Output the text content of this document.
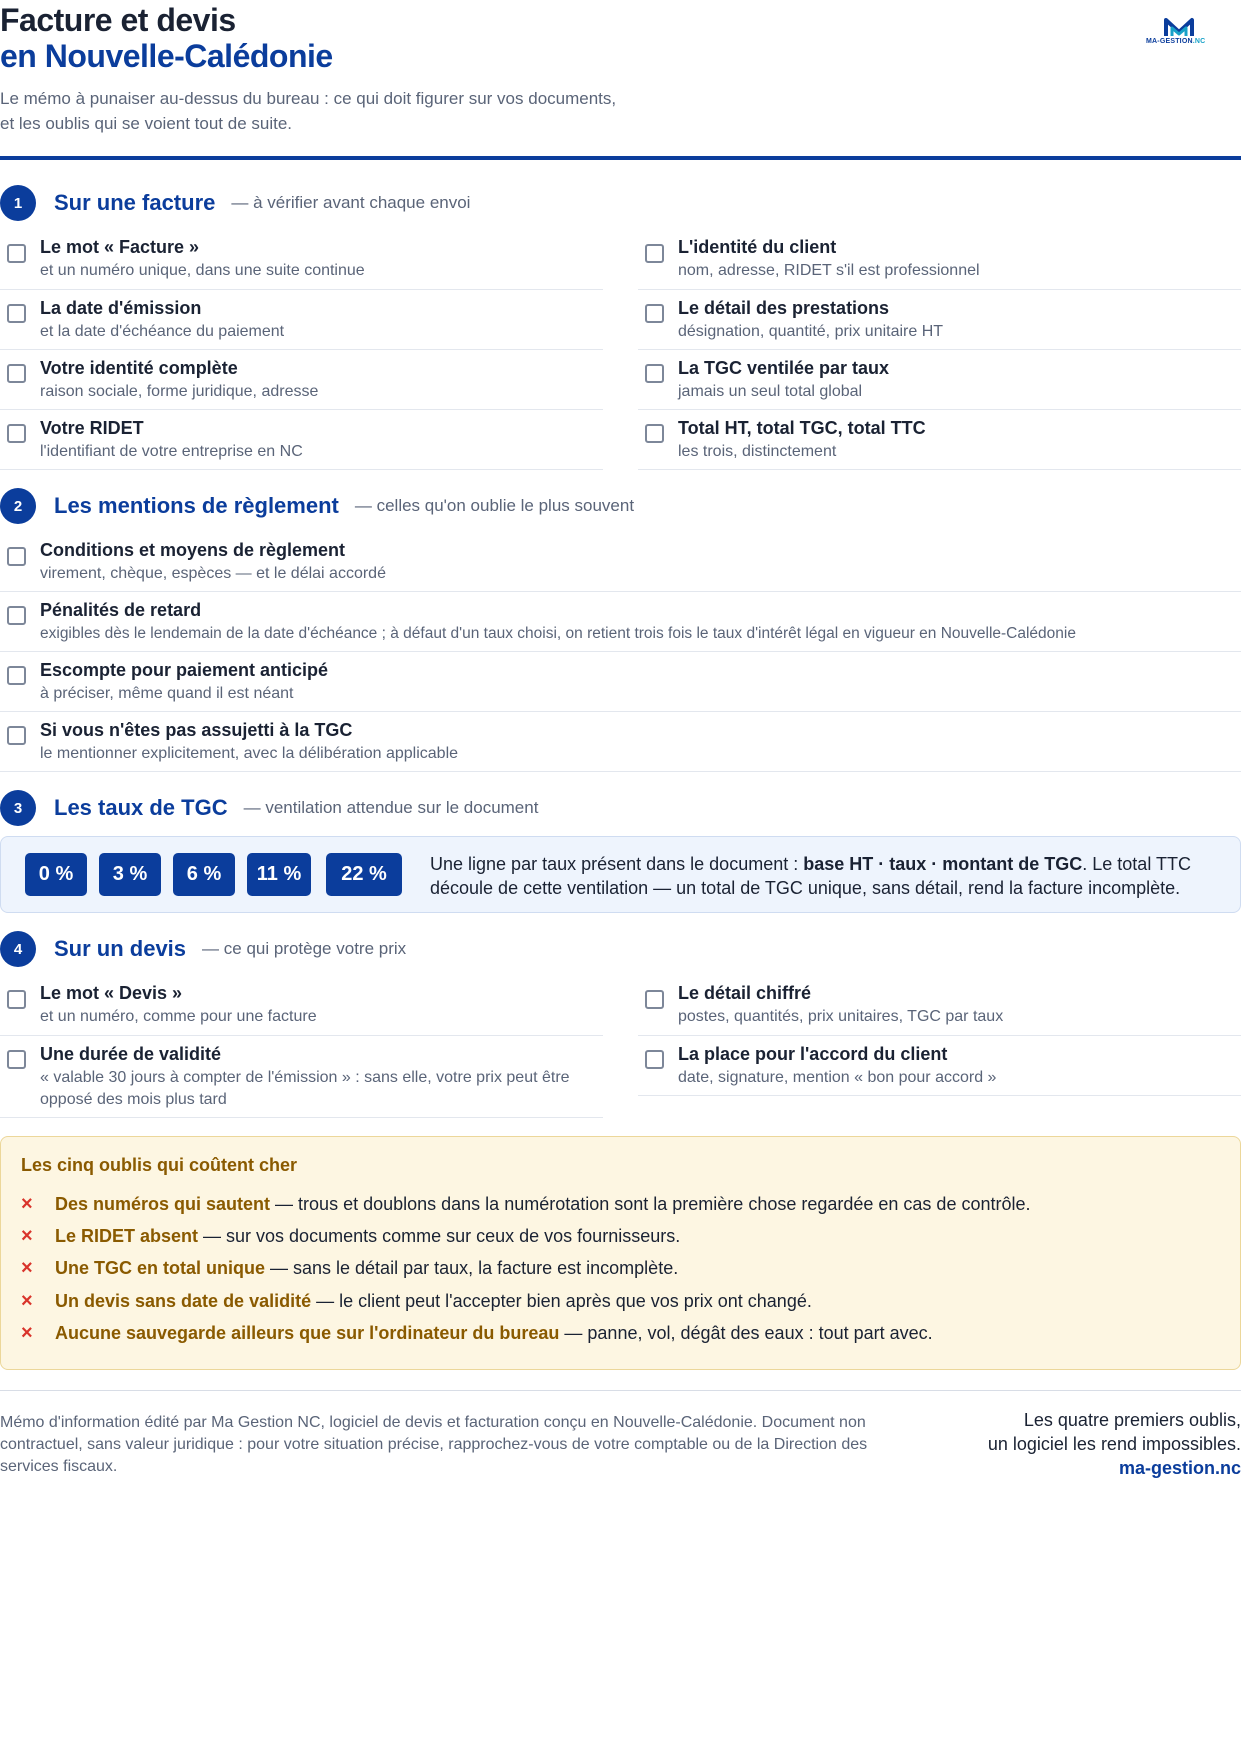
Facture et devis
en Nouvelle-Calédonie
Le mémo à punaiser au-dessus du bureau : ce qui doit figurer sur vos documents, et les oublis qui se voient tout de suite.
MA-GESTION.NC
1	Sur une facture — à vérifier avant chaque envoi
Le mot « Facture »
et un numéro unique, dans une suite continue
L'identité du client
nom, adresse, RIDET s'il est professionnel
La date d'émission
et la date d'échéance du paiement
Le détail des prestations
désignation, quantité, prix unitaire HT
Votre identité complète
raison sociale, forme juridique, adresse
La TGC ventilée par taux
jamais un seul total global
Votre RIDET
l'identifiant de votre entreprise en NC
Total HT, total TGC, total TTC
les trois, distinctement
2	Les mentions de règlement — celles qu'on oublie le plus souvent
Conditions et moyens de règlement
virement, chèque, espèces — et le délai accordé
Pénalités de retard
exigibles dès le lendemain de la date d'échéance ; à défaut d'un taux choisi, on retient trois fois le taux d'intérêt légal en vigueur en Nouvelle-Calédonie
Escompte pour paiement anticipé
à préciser, même quand il est néant
Si vous n'êtes pas assujetti à la TGC
le mentionner explicitement, avec la délibération applicable
3	Les taux de TGC — ventilation attendue sur le document
0 %	3 %	6 %	11 %	22 %	Une ligne par taux présent dans le document : base HT · taux · montant de TGC. Le total TTC découle de cette ventilation — un total de TGC unique, sans détail, rend la facture incomplète.
4	Sur un devis — ce qui protège votre prix
Le mot « Devis »
et un numéro, comme pour une facture
Le détail chiffré
postes, quantités, prix unitaires, TGC par taux
Une durée de validité
« valable 30 jours à compter de l'émission » : sans elle, votre prix peut être opposé des mois plus tard
La place pour l'accord du client
date, signature, mention « bon pour accord »
Les cinq oublis qui coûtent cher
×	Des numéros qui sautent — trous et doublons dans la numérotation sont la première chose regardée en cas de contrôle.
×	Le RIDET absent — sur vos documents comme sur ceux de vos fournisseurs.
×	Une TGC en total unique — sans le détail par taux, la facture est incomplète.
×	Un devis sans date de validité — le client peut l'accepter bien après que vos prix ont changé.
×	Aucune sauvegarde ailleurs que sur l'ordinateur du bureau — panne, vol, dégât des eaux : tout part avec.
Mémo d'information édité par Ma Gestion NC, logiciel de devis et facturation conçu en Nouvelle-Calédonie. Document non contractuel, sans valeur juridique : pour votre situation précise, rapprochez-vous de votre comptable ou de la Direction des services fiscaux.
Les quatre premiers oublis,
un logiciel les rend impossibles.
ma-gestion.nc
